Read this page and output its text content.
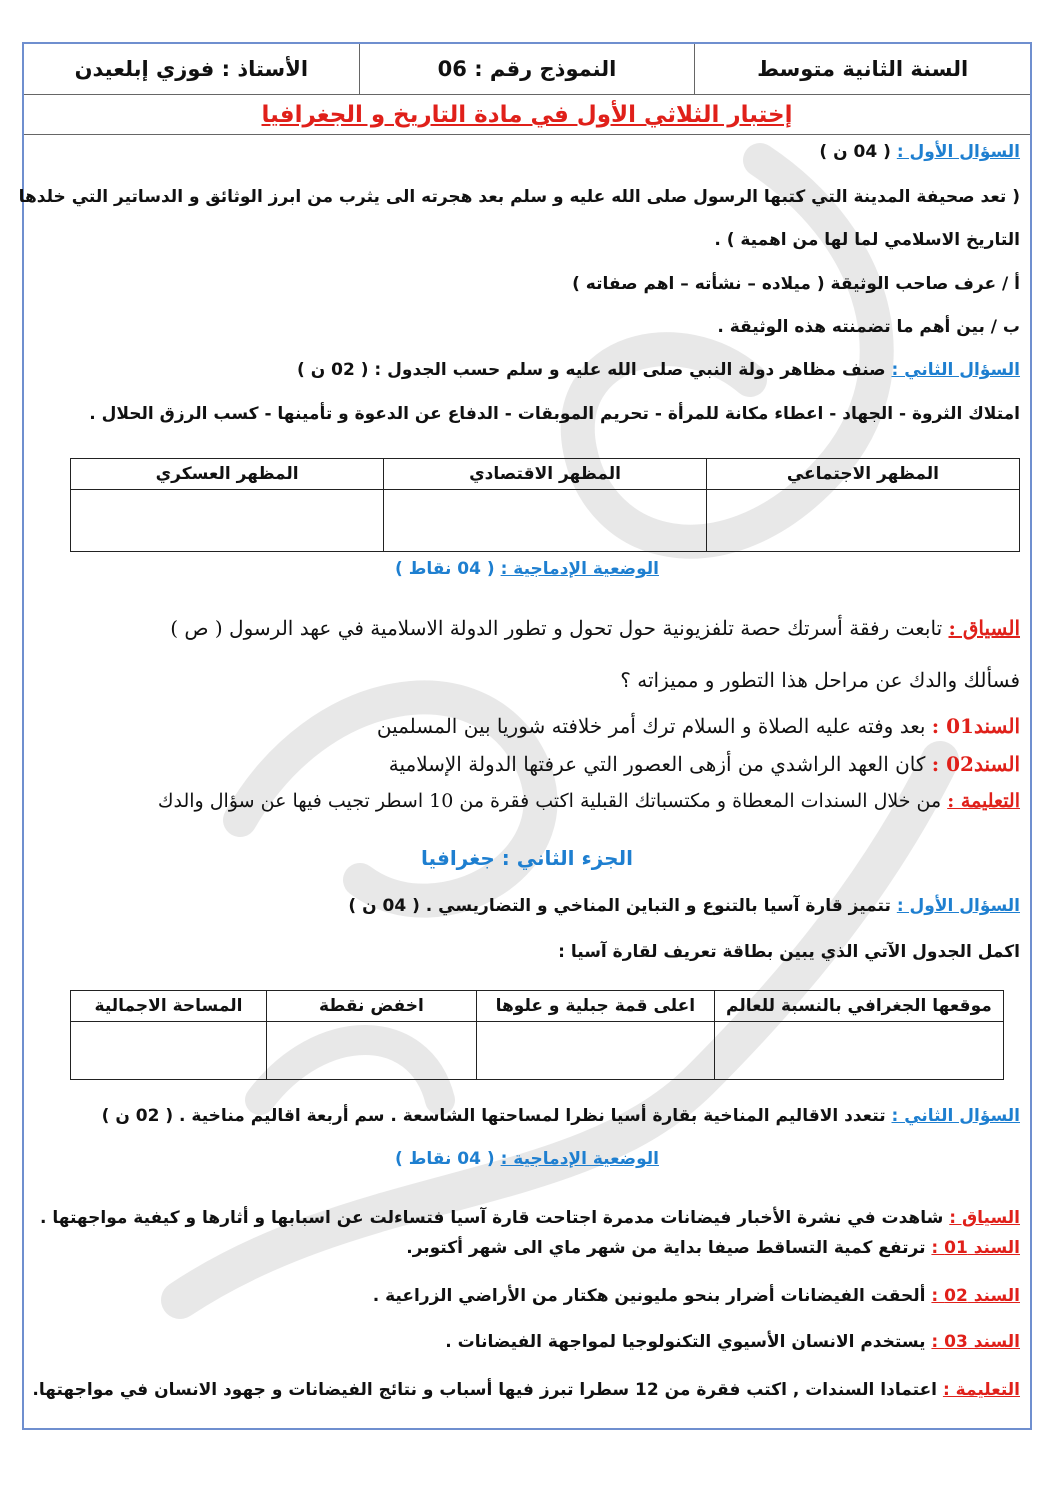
السنة الثانية متوسط
النموذج رقم : 06
الأستاذ : فوزي إبلعيدن
إختبار الثلاثي الأول في مادة التاريخ و الجغرافيا
السؤال الأول : ( 04 ن )
( تعد صحيفة المدينة التي كتبها الرسول صلى الله عليه و سلم بعد هجرته الى يثرب من ابرز الوثائق و الدساتير التي خلدها
التاريخ الاسلامي لما لها من اهمية ) .
أ / عرف صاحب الوثيقة ( ميلاده – نشأته – اهم صفاته )
ب / بين أهم ما تضمنته هذه الوثيقة .
السؤال الثاني : صنف مظاهر دولة النبي صلى الله عليه و سلم حسب الجدول : ( 02 ن )
امتلاك الثروة - الجهاد - اعطاء مكانة للمرأة - تحريم الموبقات - الدفاع عن الدعوة و تأمينها - كسب الرزق الحلال .
المظهر الاجتماعي	المظهر الاقتصادي	المظهر العسكري

الوضعية الإدماجية : ( 04 نقاط )
السياق : تابعت رفقة أسرتك حصة تلفزيونية حول تحول و تطور الدولة الاسلامية في عهد الرسول ( ص )
فسألك والدك عن مراحل هذا التطور و مميزاته ؟
السند01 : بعد وفته عليه الصلاة و السلام ترك أمر خلافته شوريا بين المسلمين
السند02 : كان العهد الراشدي من أزهى العصور التي عرفتها الدولة الإسلامية
التعليمة : من خلال السندات المعطاة و مكتسباتك القبلية اكتب فقرة من 10 اسطر تجيب فيها عن سؤال والدك
الجزء الثاني : جغرافيا
السؤال الأول : تتميز قارة آسيا بالتنوع و التباين المناخي و التضاريسي . ( 04 ن )
اكمل الجدول الآتي الذي يبين بطاقة تعريف لقارة آسيا :
موقعها الجغرافي بالنسبة للعالم	اعلى قمة جبلية و علوها	اخفض نقطة	المساحة الاجمالية

السؤال الثاني : تتعدد الاقاليم المناخية بقارة أسيا نظرا لمساحتها الشاسعة . سم أربعة اقاليم مناخية . ( 02 ن )
الوضعية الإدماجية : ( 04 نقاط )
السياق : شاهدت في نشرة الأخبار فيضانات مدمرة اجتاحت قارة آسيا فتساءلت عن اسبابها و أثارها و كيفية مواجهتها .
السند 01 : ترتفع كمية التساقط صيفا بداية من شهر ماي الى شهر أكتوبر.
السند 02 : ألحقت الفيضانات أضرار بنحو مليونين هكتار من الأراضي الزراعية .
السند 03 : يستخدم الانسان الأسيوي التكنولوجيا لمواجهة الفيضانات .
التعليمة : اعتمادا السندات , اكتب فقرة من 12 سطرا تبرز فيها أسباب و نتائج الفيضانات و جهود الانسان في مواجهتها.
